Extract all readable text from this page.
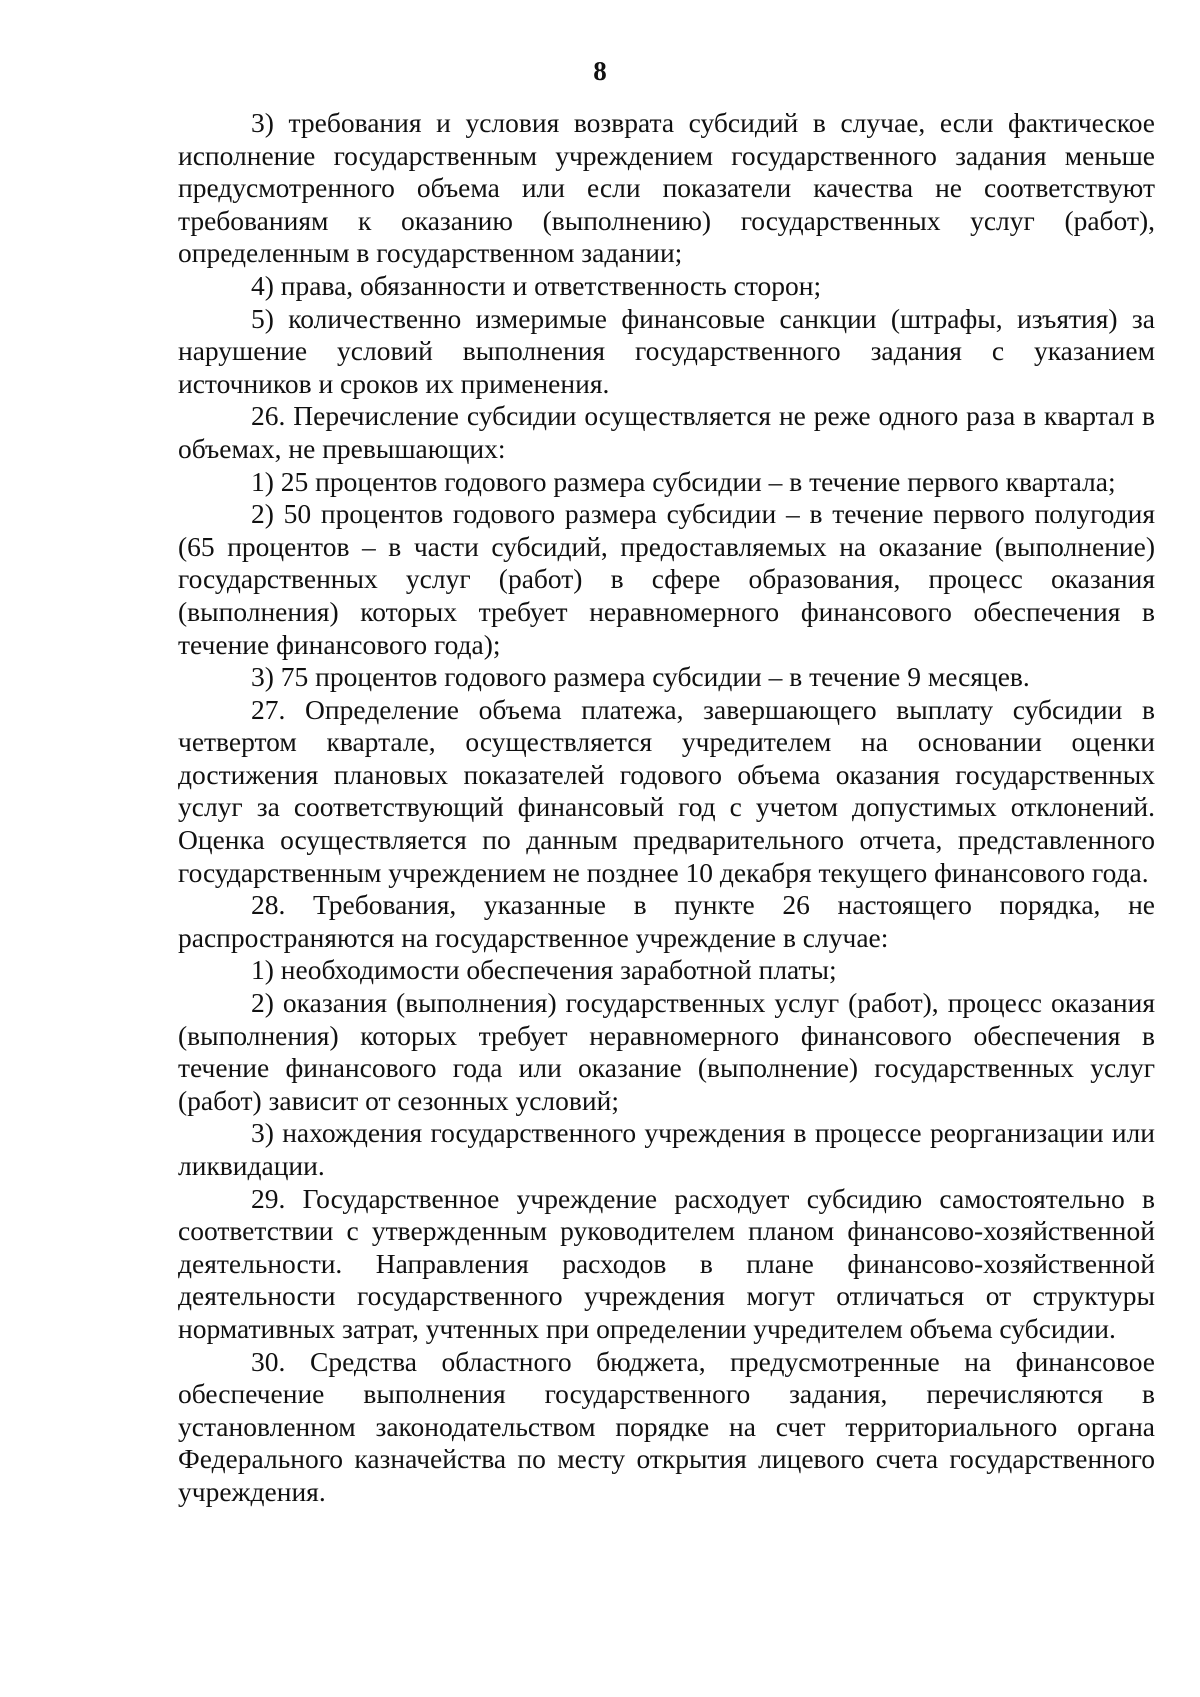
8

3) требования и условия возврата субсидий в случае, если фактическое исполнение государственным учреждением государственного задания меньше предусмотренного объема или если показатели качества не соответствуют требованиям к оказанию (выполнению) государственных услуг (работ), определенным в государственном задании;

4) права, обязанности и ответственность сторон;

5) количественно измеримые финансовые санкции (штрафы, изъятия) за нарушение условий выполнения государственного задания с указанием источников и сроков их применения.

26. Перечисление субсидии осуществляется не реже одного раза в квартал в объемах, не превышающих:

1) 25 процентов годового размера субсидии – в течение первого квартала;

2) 50 процентов годового размера субсидии – в течение первого полугодия (65 процентов – в части субсидий, предоставляемых на оказание (выполнение) государственных услуг (работ) в сфере образования, процесс оказания (выполнения) которых требует неравномерного финансового обеспечения в течение финансового года);

3) 75 процентов годового размера субсидии – в течение 9 месяцев.

27. Определение объема платежа, завершающего выплату субсидии в четвертом квартале, осуществляется учредителем на основании оценки достижения плановых показателей годового объема оказания государственных услуг за соответствующий финансовый год с учетом допустимых отклонений. Оценка осуществляется по данным предварительного отчета, представленного государственным учреждением не позднее 10 декабря текущего финансового года.

28. Требования, указанные в пункте 26 настоящего порядка, не распространяются на государственное учреждение в случае:

1) необходимости обеспечения заработной платы;

2) оказания (выполнения) государственных услуг (работ), процесс оказания (выполнения) которых требует неравномерного финансового обеспечения в течение финансового года или оказание (выполнение) государственных услуг (работ) зависит от сезонных условий;

3) нахождения государственного учреждения в процессе реорганизации или ликвидации.

29. Государственное учреждение расходует субсидию самостоятельно в соответствии с утвержденным руководителем планом финансово-хозяйственной деятельности. Направления расходов в плане финансово-хозяйственной деятельности государственного учреждения могут отличаться от структуры нормативных затрат, учтенных при определении учредителем объема субсидии.

30. Средства областного бюджета, предусмотренные на финансовое обеспечение выполнения государственного задания, перечисляются в установленном законодательством порядке на счет территориального органа Федерального казначейства по месту открытия лицевого счета государственного учреждения.
